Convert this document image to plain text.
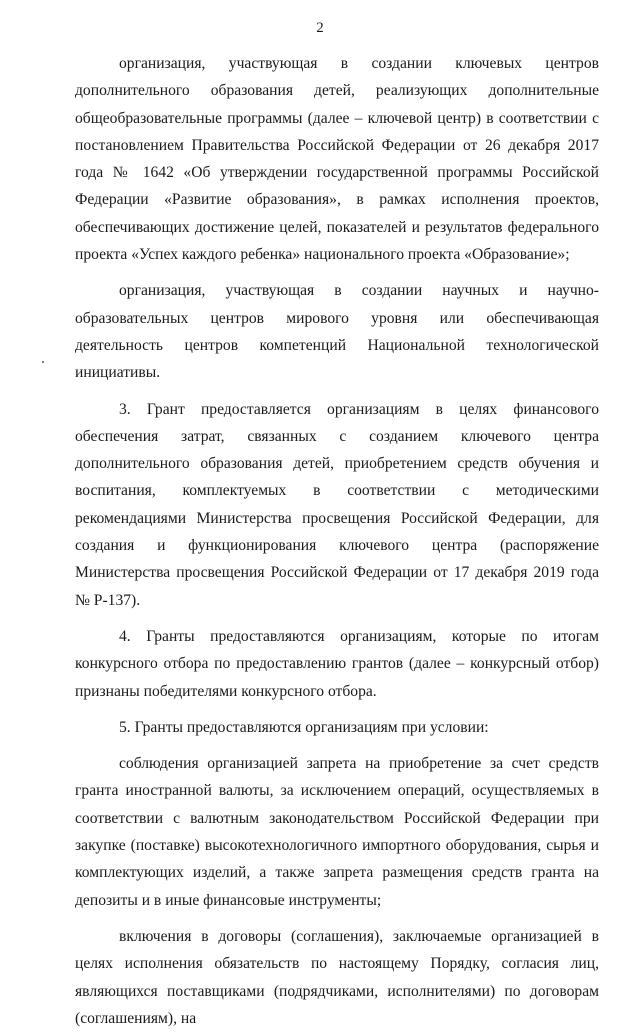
2

организация, участвующая в создании ключевых центров дополнительного образования детей, реализующих дополнительные общеобразовательные программы (далее – ключевой центр) в соответствии с постановлением Правительства Российской Федерации от 26 декабря 2017 года № 1642 «Об утверждении государственной программы Российской Федерации «Развитие образования», в рамках исполнения проектов, обеспечивающих достижение целей, показателей и результатов федерального проекта «Успех каждого ребенка» национального проекта «Образование»;

организация, участвующая в создании научных и научно-образовательных центров мирового уровня или обеспечивающая деятельность центров компетенций Национальной технологической инициативы.

3. Грант предоставляется организациям в целях финансового обеспечения затрат, связанных с созданием ключевого центра дополнительного образования детей, приобретением средств обучения и воспитания, комплектуемых в соответствии с методическими рекомендациями Министерства просвещения Российской Федерации, для создания и функционирования ключевого центра (распоряжение Министерства просвещения Российской Федерации от 17 декабря 2019 года № Р-137).

4. Гранты предоставляются организациям, которые по итогам конкурсного отбора по предоставлению грантов (далее – конкурсный отбор) признаны победителями конкурсного отбора.

5. Гранты предоставляются организациям при условии:

соблюдения организацией запрета на приобретение за счет средств гранта иностранной валюты, за исключением операций, осуществляемых в соответствии с валютным законодательством Российской Федерации при закупке (поставке) высокотехнологичного импортного оборудования, сырья и комплектующих изделий, а также запрета размещения средств гранта на депозиты и в иные финансовые инструменты;

включения в договоры (соглашения), заключаемые организацией в целях исполнения обязательств по настоящему Порядку, согласия лиц, являющихся поставщиками (подрядчиками, исполнителями) по договорам (соглашениям), на
